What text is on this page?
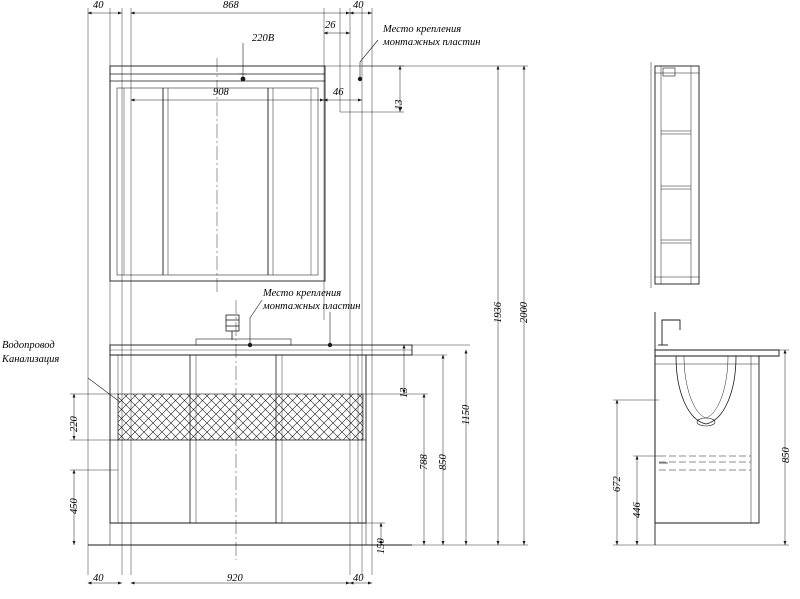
40	868	40
26
908	46
220В
Место крепления
монтажных пластин
Место крепления
монтажных пластин
Водопровод
Канализация
13
1936 2000
13
1150
850
788
150
220
450
40	920	40
850
672
446
